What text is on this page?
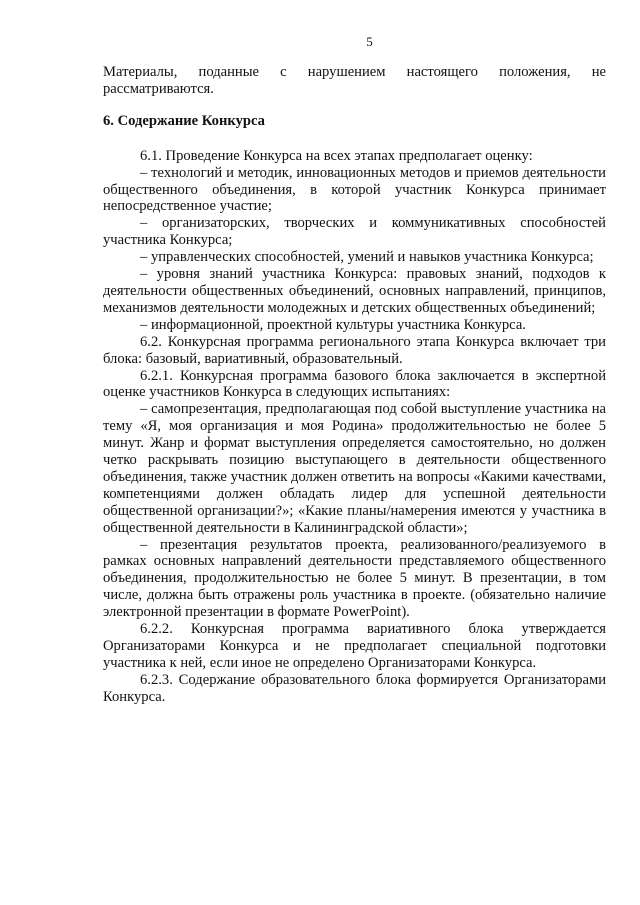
5

Материалы, поданные с нарушением настоящего положения, не рассматриваются.

6. Содержание Конкурса

6.1. Проведение Конкурса на всех этапах предполагает оценку:

– технологий и методик, инновационных методов и приемов деятельности общественного объединения, в которой участник Конкурса принимает непосредственное участие;

– организаторских, творческих и коммуникативных способностей участника Конкурса;

– управленческих способностей, умений и навыков участника Конкурса;

– уровня знаний участника Конкурса: правовых знаний, подходов к деятельности общественных объединений, основных направлений, принципов, механизмов деятельности молодежных и детских общественных объединений;

– информационной, проектной культуры участника Конкурса.

6.2. Конкурсная программа регионального этапа Конкурса включает три блока: базовый, вариативный, образовательный.

6.2.1. Конкурсная программа базового блока заключается в экспертной оценке участников Конкурса в следующих испытаниях:

– самопрезентация, предполагающая под собой выступление участника на тему «Я, моя организация и моя Родина» продолжительностью не более 5 минут. Жанр и формат выступления определяется самостоятельно, но должен четко раскрывать позицию выступающего в деятельности общественного объединения, также участник должен ответить на вопросы «Какими качествами, компетенциями должен обладать лидер для успешной деятельности общественной организации?»; «Какие планы/намерения имеются у участника в общественной деятельности в Калининградской области»;

– презентация результатов проекта, реализованного/реализуемого в рамках основных направлений деятельности представляемого общественного объединения, продолжительностью не более 5 минут. В презентации, в том числе, должна быть отражены роль участника в проекте. (обязательно наличие электронной презентации в формате PowerPoint).

6.2.2. Конкурсная программа вариативного блока утверждается Организаторами Конкурса и не предполагает специальной подготовки участника к ней, если иное не определено Организаторами Конкурса.

6.2.3. Содержание образовательного блока формируется Организаторами Конкурса.
